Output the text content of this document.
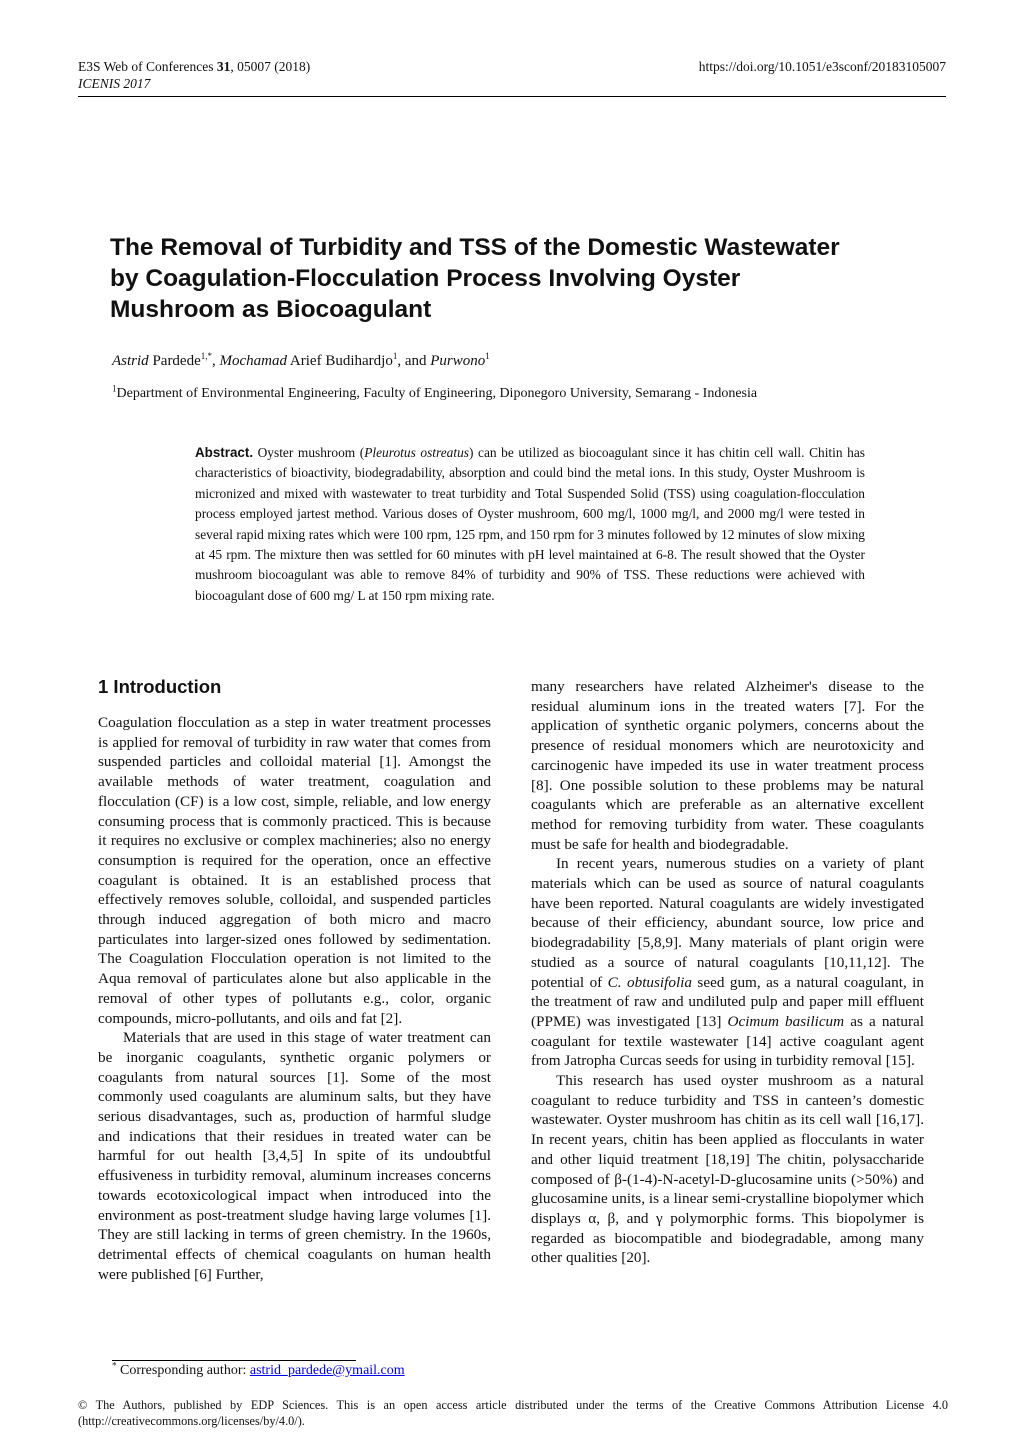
E3S Web of Conferences 31, 05007 (2018)	https://doi.org/10.1051/e3sconf/20183105007
ICENIS 2017
The Removal of Turbidity and TSS of the Domestic Wastewater by Coagulation-Flocculation Process Involving Oyster Mushroom as Biocoagulant
Astrid Pardede$^{1,*}$, Mochamad Arief Budihardjo$^1$, and Purwono$^1$
$^1$Department of Environmental Engineering, Faculty of Engineering, Diponegoro University, Semarang - Indonesia
Abstract. Oyster mushroom (Pleurotus ostreatus) can be utilized as biocoagulant since it has chitin cell wall. Chitin has characteristics of bioactivity, biodegradability, absorption and could bind the metal ions. In this study, Oyster Mushroom is micronized and mixed with wastewater to treat turbidity and Total Suspended Solid (TSS) using coagulation-flocculation process employed jartest method. Various doses of Oyster mushroom, 600 mg/l, 1000 mg/l, and 2000 mg/l were tested in several rapid mixing rates which were 100 rpm, 125 rpm, and 150 rpm for 3 minutes followed by 12 minutes of slow mixing at 45 rpm. The mixture then was settled for 60 minutes with pH level maintained at 6-8. The result showed that the Oyster mushroom biocoagulant was able to remove 84% of turbidity and 90% of TSS. These reductions were achieved with biocoagulant dose of 600 mg/ L at 150 rpm mixing rate.
1 Introduction

Coagulation flocculation as a step in water treatment processes is applied for removal of turbidity in raw water that comes from suspended particles and colloidal material [1]. Amongst the available methods of water treatment, coagulation and flocculation (CF) is a low cost, simple, reliable, and low energy consuming process that is commonly practiced. This is because it requires no exclusive or complex machineries; also no energy consumption is required for the operation, once an effective coagulant is obtained. It is an established process that effectively removes soluble, colloidal, and suspended particles through induced aggregation of both micro and macro particulates into larger-sized ones followed by sedimentation. The Coagulation Flocculation operation is not limited to the Aqua removal of particulates alone but also applicable in the removal of other types of pollutants e.g., color, organic compounds, micro-pollutants, and oils and fat [2].

Materials that are used in this stage of water treatment can be inorganic coagulants, synthetic organic polymers or coagulants from natural sources [1]. Some of the most commonly used coagulants are aluminum salts, but they have serious disadvantages, such as, production of harmful sludge and indications that their residues in treated water can be harmful for out health [3,4,5] In spite of its undoubtful effusiveness in turbidity removal, aluminum increases concerns towards ecotoxicological impact when introduced into the environment as post-treatment sludge having large volumes [1]. They are still lacking in terms of green chemistry. In the 1960s, detrimental effects of chemical coagulants on human health were published [6] Further,

many researchers have related Alzheimer's disease to the residual aluminum ions in the treated waters [7]. For the application of synthetic organic polymers, concerns about the presence of residual monomers which are neurotoxicity and carcinogenic have impeded its use in water treatment process [8]. One possible solution to these problems may be natural coagulants which are preferable as an alternative excellent method for removing turbidity from water. These coagulants must be safe for health and biodegradable.

In recent years, numerous studies on a variety of plant materials which can be used as source of natural coagulants have been reported. Natural coagulants are widely investigated because of their efficiency, abundant source, low price and biodegradability [5,8,9]. Many materials of plant origin were studied as a source of natural coagulants [10,11,12]. The potential of C. obtusifolia seed gum, as a natural coagulant, in the treatment of raw and undiluted pulp and paper mill effluent (PPME) was investigated [13] Ocimum basilicum as a natural coagulant for textile wastewater [14] active coagulant agent from Jatropha Curcas seeds for using in turbidity removal [15].

This research has used oyster mushroom as a natural coagulant to reduce turbidity and TSS in canteen’s domestic wastewater. Oyster mushroom has chitin as its cell wall [16,17]. In recent years, chitin has been applied as flocculants in water and other liquid treatment [18,19] The chitin, polysaccharide composed of β-(1-4)-N-acetyl-D-glucosamine units (>50%) and glucosamine units, is a linear semi-crystalline biopolymer which displays α, β, and γ polymorphic forms. This biopolymer is regarded as biocompatible and biodegradable, among many other qualities [20].

* Corresponding author: astrid_pardede@ymail.com
© The Authors, published by EDP Sciences. This is an open access article distributed under the terms of the Creative Commons Attribution License 4.0 (http://creativecommons.org/licenses/by/4.0/).
